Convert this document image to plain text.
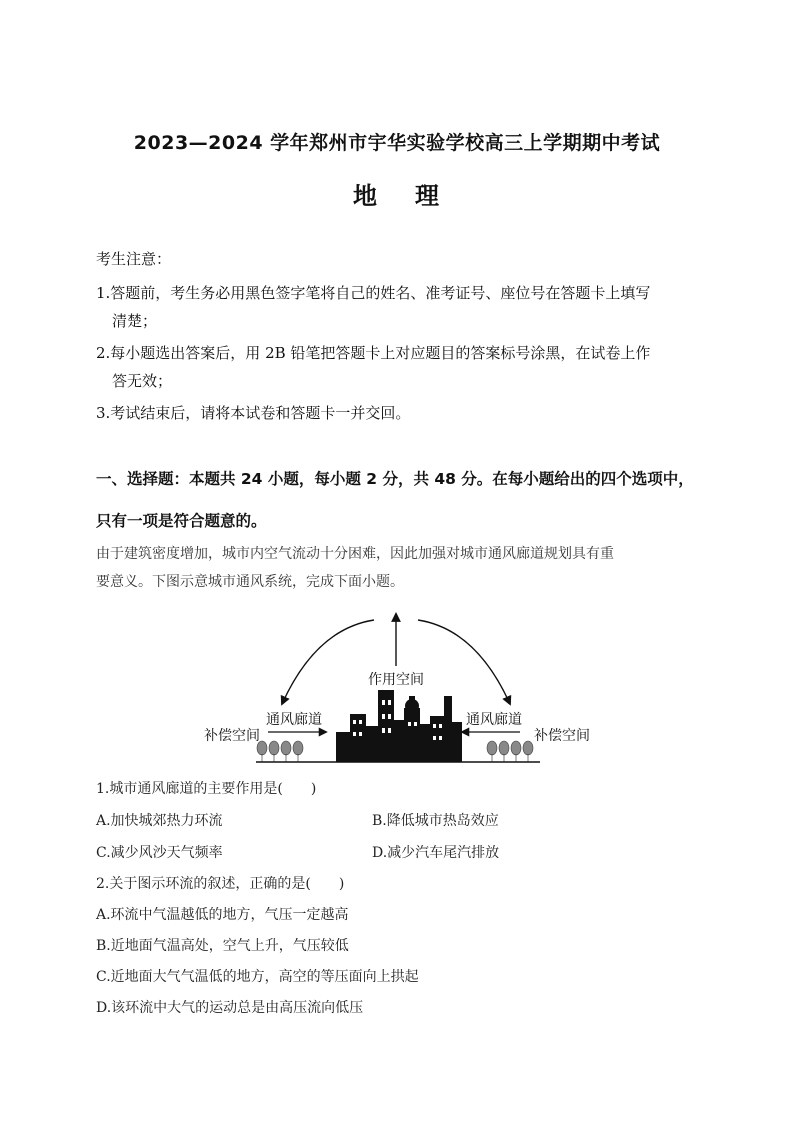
2023—2024 学年郑州市宇华实验学校高三上学期期中考试
地 理

考生注意：

1.答题前，考生务必用黑色签字笔将自己的姓名、准考证号、座位号在答题卡上填写

清楚；

2.每小题选出答案后，用 2B 铅笔把答题卡上对应题目的答案标号涂黑，在试卷上作

答无效；

3.考试结束后，请将本试卷和答题卡一并交回。

一、选择题：本题共 24 小题，每小题 2 分，共 48 分。在每小题给出的四个选项中，
只有一项是符合题意的。
由于建筑密度增加，城市内空气流动十分困难，因此加强对城市通风廊道规划具有重
要意义。下图示意城市通风系统，完成下面小题。
作用空间
通风廊道	通风廊道
补偿空间	补偿空间
1.城市通风廊道的主要作用是(　　)
A.加快城郊热力环流	B.降低城市热岛效应
C.减少风沙天气频率	D.减少汽车尾汽排放
2.关于图示环流的叙述，正确的是(　　)
A.环流中气温越低的地方，气压一定越高
B.近地面气温高处，空气上升，气压较低
C.近地面大气气温低的地方，高空的等压面向上拱起
D.该环流中大气的运动总是由高压流向低压
